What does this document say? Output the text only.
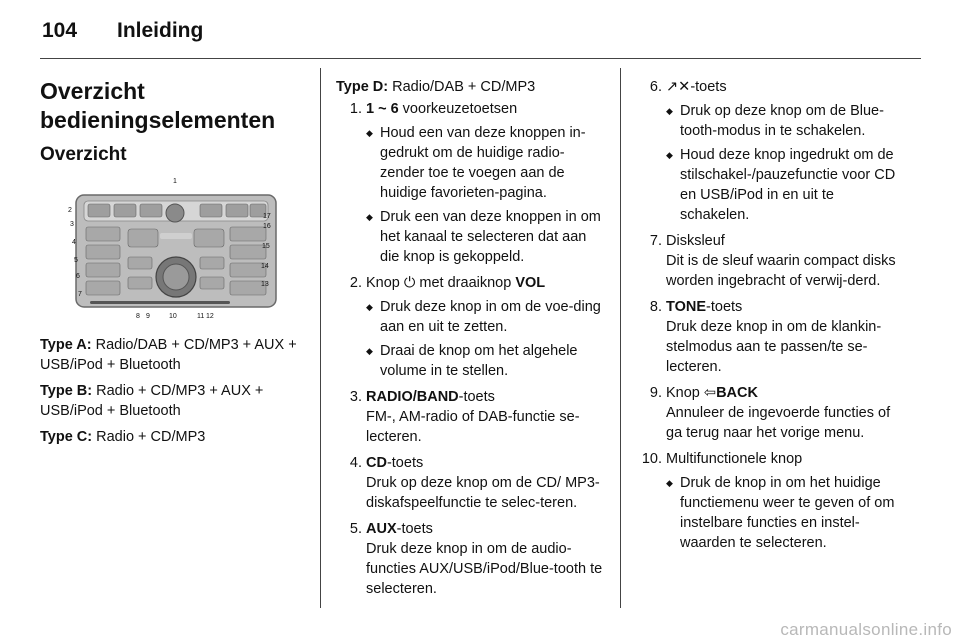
104 Inleiding
Overzicht
bedieningselementen
Overzicht
1
2
3
4
5
6
7
8 9	10	11 12
13
14
15
16
17
Type A: Radio/DAB + CD/MP3 + AUX + USB/iPod + Bluetooth
Type B: Radio + CD/MP3 + AUX + USB/iPod + Bluetooth
Type C: Radio + CD/MP3
Type D: Radio/DAB + CD/MP3
1. 1 ~ 6 voorkeuzetoetsen
◆ Houd een van deze knoppen in-gedrukt om de huidige radio-zender toe te voegen aan de huidige favorieten-pagina.
◆ Druk een van deze knoppen in om het kanaal te selecteren dat aan die knop is gekoppeld.
2. Knop ⏻ met draaiknop VOL
◆ Druk deze knop in om de voe-ding aan en uit te zetten.
◆ Draai de knop om het algehele volume in te stellen.
3. RADIO/BAND-toets
FM-, AM-radio of DAB-functie se-lecteren.
4. CD-toets
Druk op deze knop om de CD/ MP3-diskafspeelfunctie te selec-teren.
5. AUX-toets
Druk deze knop in om de audio-functies AUX/USB/iPod/Blue-tooth te selecteren.
6. ↗✕-toets
◆ Druk op deze knop om de Blue-tooth-modus in te schakelen.
◆ Houd deze knop ingedrukt om de stilschakel-/pauzefunctie voor CD en USB/iPod in en uit te schakelen.
7. Disksleuf
Dit is de sleuf waarin compact disks worden ingebracht of verwij-derd.
8. TONE-toets
Druk deze knop in om de klankin-stelmodus aan te passen/te se-lecteren.
9. Knop ⇦BACK
Annuleer de ingevoerde functies of ga terug naar het vorige menu.
10. Multifunctionele knop
◆ Druk de knop in om het huidige functiemenu weer te geven of om instelbare functies en instel-waarden te selecteren.
carmanualsonline.info
